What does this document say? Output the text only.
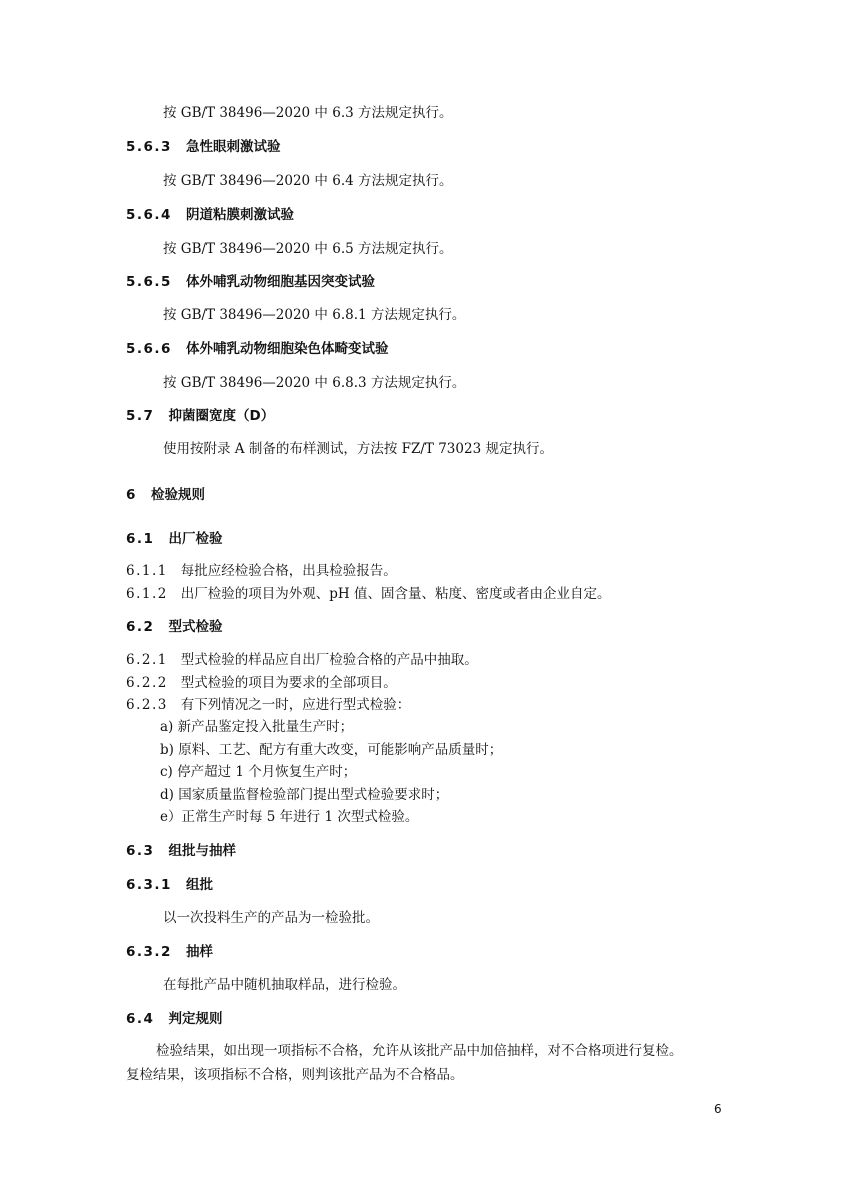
按 GB/T 38496—2020 中 6.3 方法规定执行。
5.6.3 急性眼刺激试验
按 GB/T 38496—2020 中 6.4 方法规定执行。
5.6.4 阴道粘膜刺激试验
按 GB/T 38496—2020 中 6.5 方法规定执行。
5.6.5 体外哺乳动物细胞基因突变试验
按 GB/T 38496—2020 中 6.8.1 方法规定执行。
5.6.6 体外哺乳动物细胞染色体畸变试验
按 GB/T 38496—2020 中 6.8.3 方法规定执行。
5.7 抑菌圈宽度（D）
使用按附录 A 制备的布样测试，方法按 FZ/T 73023 规定执行。
6 检验规则
6.1 出厂检验
6.1.1 每批应经检验合格，出具检验报告。
6.1.2 出厂检验的项目为外观、pH 值、固含量、粘度、密度或者由企业自定。
6.2 型式检验
6.2.1 型式检验的样品应自出厂检验合格的产品中抽取。
6.2.2 型式检验的项目为要求的全部项目。
6.2.3 有下列情况之一时，应进行型式检验：
a) 新产品鉴定投入批量生产时；
b) 原料、工艺、配方有重大改变，可能影响产品质量时；
c) 停产超过 1 个月恢复生产时；
d) 国家质量监督检验部门提出型式检验要求时；
e）正常生产时每 5 年进行 1 次型式检验。
6.3 组批与抽样
6.3.1 组批
以一次投料生产的产品为一检验批。
6.3.2 抽样
在每批产品中随机抽取样品，进行检验。
6.4 判定规则
检验结果，如出现一项指标不合格，允许从该批产品中加倍抽样，对不合格项进行复检。
复检结果，该项指标不合格，则判该批产品为不合格品。
6
